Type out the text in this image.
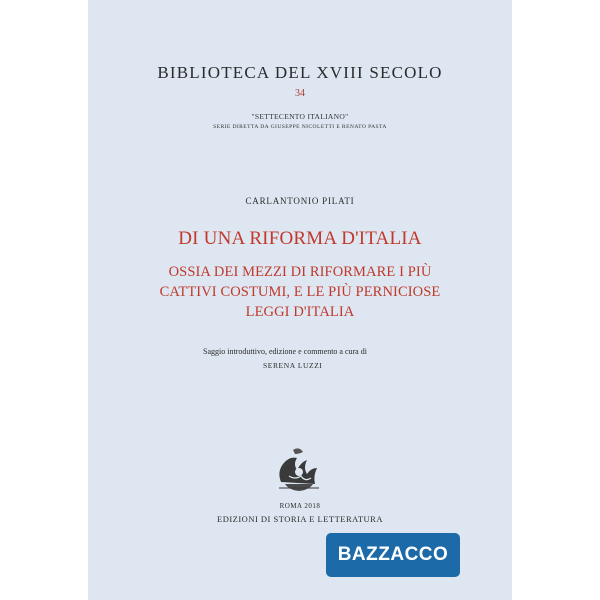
BIBLIOTECA DEL XVIII SECOLO
34
"SETTECENTO ITALIANO"
SERIE DIRETTA DA GIUSEPPE NICOLETTI E RENATO PASTA
CARLANTONIO PILATI
DI UNA RIFORMA D'ITALIA
OSSIA DEI MEZZI DI RIFORMARE I PIÙ
CATTIVI COSTUMI, E LE PIÙ PERNICIOSE
LEGGI D'ITALIA
Saggio introduttivo, edizione e commento a cura di
SERENA LUZZI
ROMA 2018
EDIZIONI DI STORIA E LETTERATURA
BAZZACCO
